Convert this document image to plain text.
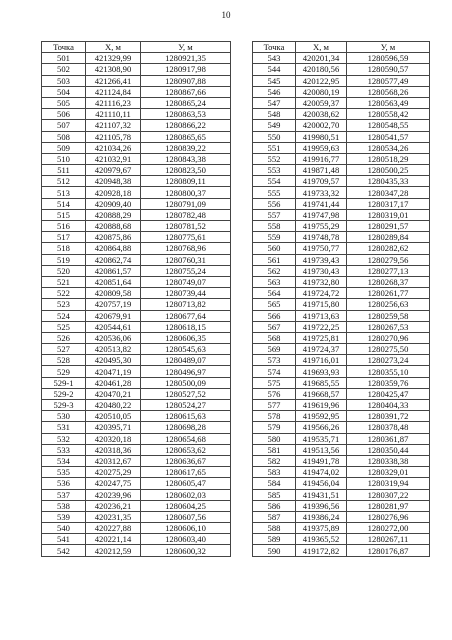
10
Точка	X, м	У, м
501	421329,99	1280921,35
502	421308,90	1280917,98
503	421266,41	1280907,88
504	421124,84	1280867,66
505	421116,23	1280865,24
506	421110,11	1280863,53
507	421107,32	1280866,22
508	421105,78	1280865,65
509	421034,26	1280839,22
510	421032,91	1280843,38
511	420979,67	1280823,50
512	420948,38	1280809,11
513	420928,18	1280800,37
514	420909,40	1280791,09
515	420888,29	1280782,48
516	420888,68	1280781,52
517	420875,86	1280775,61
518	420864,88	1280768,96
519	420862,74	1280760,31
520	420861,57	1280755,24
521	420851,64	1280749,07
522	420809,58	1280739,44
523	420757,19	1280713,82
524	420679,91	1280677,64
525	420544,61	1280618,15
526	420536,06	1280606,35
527	420513,82	1280545,63
528	420495,30	1280489,07
529	420471,19	1280496,97
529-1	420461,28	1280500,09
529-2	420470,21	1280527,52
529-3	420480,22	1280524,27
530	420510,05	1280615,63
531	420395,71	1280698,28
532	420320,18	1280654,68
533	420318,36	1280653,62
534	420312,67	1280636,67
535	420275,29	1280617,65
536	420247,75	1280605,47
537	420239,96	1280602,03
538	420236,21	1280604,25
539	420231,35	1280607,56
540	420227,88	1280606,10
541	420221,14	1280603,40
542	420212,59	1280600,32
Точка	X, м	У, м
543	420201,34	1280596,59
544	420180,56	1280590,57
545	420122,95	1280577,49
546	420080,19	1280568,26
547	420059,37	1280563,49
548	420038,62	1280558,42
549	420002,70	1280548,55
550	419980,51	1280541,57
551	419959,63	1280534,26
552	419916,77	1280518,29
553	419871,48	1280500,25
554	419709,57	1280435,33
555	419733,32	1280347,28
556	419741,44	1280317,17
557	419747,98	1280319,01
558	419755,29	1280291,57
559	419748,78	1280289,84
560	419750,77	1280282,62
561	419739,43	1280279,56
562	419730,43	1280277,13
563	419732,80	1280268,37
564	419724,72	1280261,77
565	419715,80	1280256,63
566	419713,63	1280259,58
567	419722,25	1280267,53
568	419725,81	1280270,96
569	419724,37	1280275,50
573	419716,01	1280273,24
574	419693,93	1280355,10
575	419685,55	1280359,76
576	419668,57	1280425,47
577	419619,96	1280404,33
578	419592,95	1280391,72
579	419566,26	1280378,48
580	419535,71	1280361,87
581	419513,56	1280350,44
582	419491,78	1280338,38
583	419474,02	1280329,01
584	419456,04	1280319,94
585	419431,51	1280307,22
586	419396,56	1280281,97
587	419386,24	1280276,96
588	419375,89	1280272,00
589	419365,52	1280267,11
590	419172,82	1280176,87
